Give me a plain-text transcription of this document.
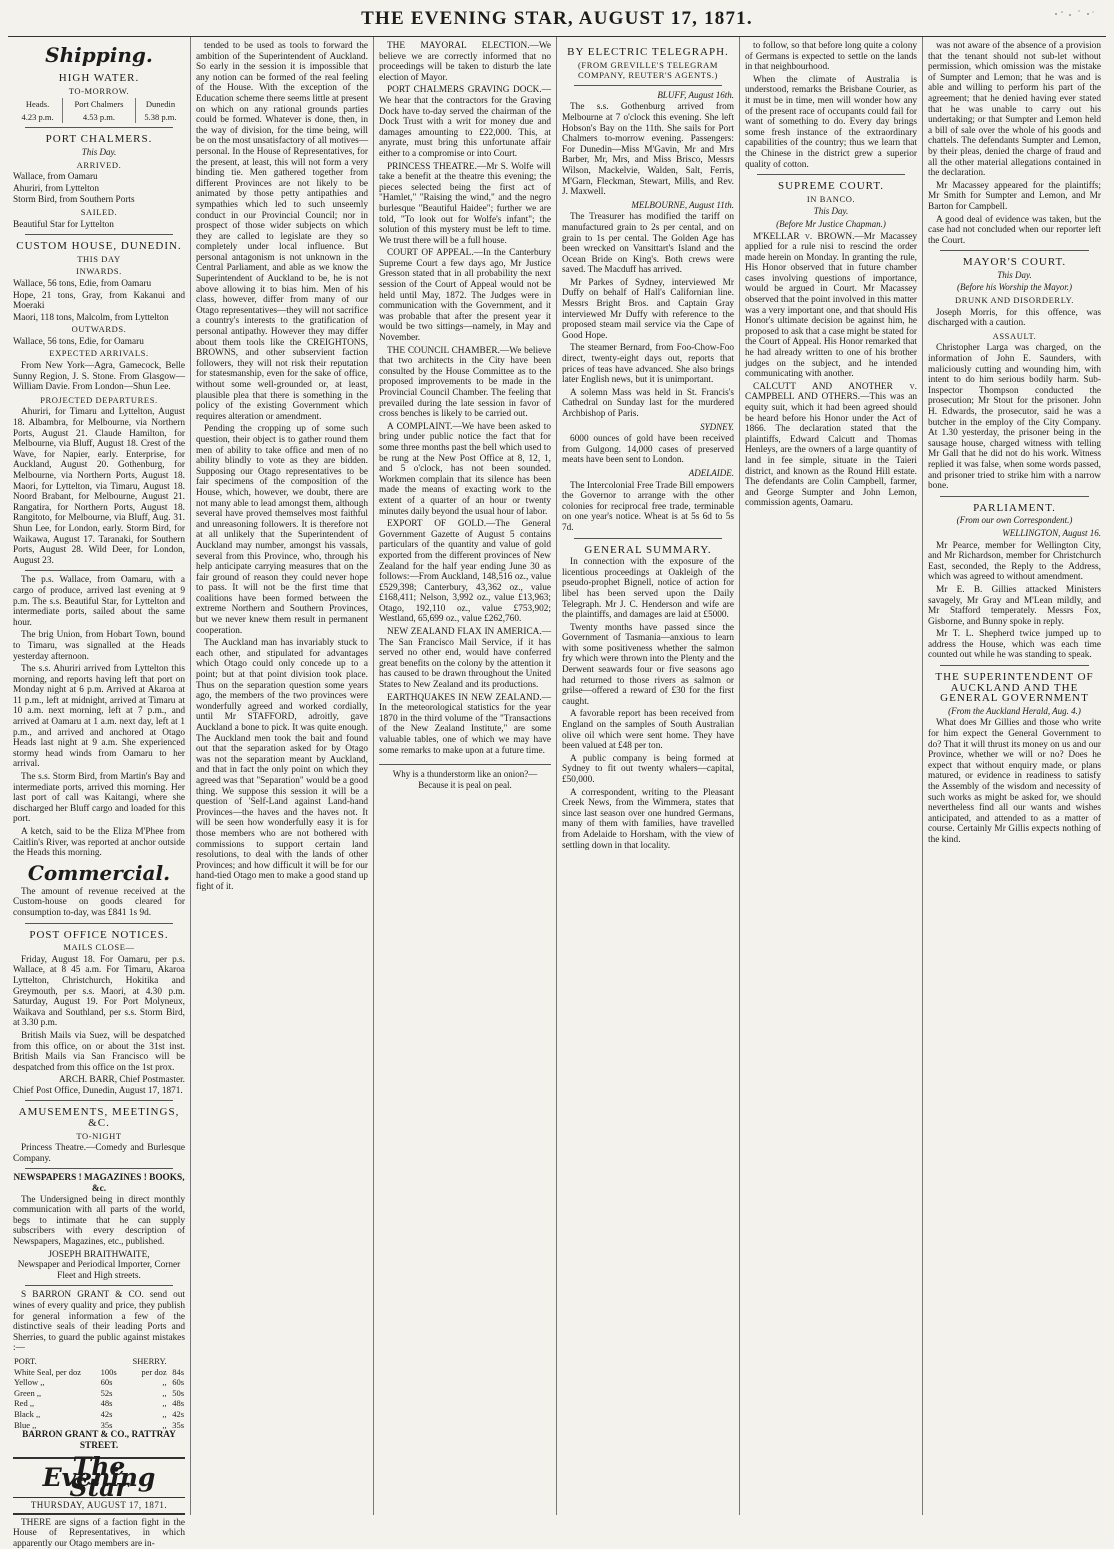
THE EVENING STAR, AUGUST 17, 1871.
Shipping.
HIGH WATER.
TO-MORROW.
Heads.	Port Chalmers	Dunedin
4.23 p.m.	4.53 p.m.	5.38 p.m.
PORT CHALMERS.
This Day.
ARRIVED.
Wallace, from Oamaru
Ahuriri, from Lyttelton
Storm Bird, from Southern Ports
SAILED.
Beautiful Star for Lyttelton
CUSTOM HOUSE, DUNEDIN.
THIS DAY
INWARDS.
Wallace, 56 tons, Edie, from Oamaru
Hope, 21 tons, Gray, from Kakanui and Moeraki
Maori, 118 tons, Malcolm, from Lyttelton
OUTWARDS.
Wallace, 56 tons, Edie, for Oamaru
EXPECTED ARRIVALS.

From New York—Agra, Gamecock, Belle Sunny Region, J. S. Stone. From Glasgow—William Davie. From London—Shun Lee.

PROJECTED DEPARTURES.

Ahuriri, for Timaru and Lyttelton, August 18. Albambra, for Melbourne, via Northern Ports, August 21. Claude Hamilton, for Melbourne, via Bluff, August 18. Crest of the Wave, for Napier, early. Enterprise, for Auckland, August 20. Gothenburg, for Melbourne, via Northern Ports, August 18. Maori, for Lyttelton, via Timaru, August 18. Noord Brabant, for Melbourne, August 21. Rangatira, for Northern Ports, August 18. Rangitoto, for Melbourne, via Bluff, Aug. 31. Shun Lee, for London, early. Storm Bird, for Waikawa, August 17. Taranaki, for Southern Ports, August 28. Wild Deer, for London, August 23.

The p.s. Wallace, from Oamaru, with a cargo of produce, arrived last evening at 9 p.m. The s.s. Beautiful Star, for Lyttelton and intermediate ports, sailed about the same hour.

The brig Union, from Hobart Town, bound to Timaru, was signalled at the Heads yesterday afternoon.

The s.s. Ahuriri arrived from Lyttelton this morning, and reports having left that port on Monday night at 6 p.m. Arrived at Akaroa at 11 p.m., left at midnight, arrived at Timaru at 10 a.m. next morning, left at 7 p.m., and arrived at Oamaru at 1 a.m. next day, left at 1 p.m., and arrived and anchored at Otago Heads last night at 9 a.m. She experienced stormy head winds from Oamaru to her arrival.

The s.s. Storm Bird, from Martin's Bay and intermediate ports, arrived this morning. Her last port of call was Kaitangi, where she discharged her Bluff cargo and loaded for this port.

A ketch, said to be the Eliza M'Phee from Caitlin's River, was reported at anchor outside the Heads this morning.

Commercial.

The amount of revenue received at the Custom-house on goods cleared for consumption to-day, was £841 1s 9d.

POST OFFICE NOTICES.
MAILS CLOSE—

Friday, August 18. For Oamaru, per p.s. Wallace, at 8 45 a.m. For Timaru, Akaroa Lyttelton, Christchurch, Hokitika and Greymouth, per s.s. Maori, at 4.30 p.m. Saturday, August 19. For Port Molyneux, Waikava and Southland, per s.s. Storm Bird, at 3.30 p.m.

British Mails via Suez, will be despatched from this office, on or about the 31st inst. British Mails via San Francisco will be despatched from this office on the 1st prox.

ARCH. BARR, Chief Postmaster.
Chief Post Office, Dunedin, August 17, 1871.
AMUSEMENTS, MEETINGS, &C.
TO-NIGHT

Princess Theatre.—Comedy and Burlesque Company.

NEWSPAPERS ! MAGAZINES ! BOOKS, &c.

The Undersigned being in direct monthly communication with all parts of the world, begs to intimate that he can supply subscribers with every description of Newspapers, Magazines, etc., published.

JOSEPH BRAITHWAITE,
Newspaper and Periodical Importer, Corner Fleet and High streets.

S BARRON GRANT & CO. send out wines of every quality and price, they publish for general information a few of the distinctive seals of their leading Ports and Sherries, to guard the public against mistakes :—

PORT.		SHERRY.	
White Seal, per doz	100s	per doz	84s
Yellow ,,	60s	,,	60s
Green ,,	52s	,,	50s
Red ,,	48s	,,	48s
Black ,,	42s	,,	42s
Blue ,,	35s	,,	35s
BARRON GRANT & CO., RATTRAY STREET.
The Evening Star
THURSDAY, AUGUST 17, 1871.

THERE are signs of a faction fight in the House of Representatives, in which apparently our Otago members are in-

tended to be used as tools to forward the ambition of the Superintendent of Auckland. So early in the session it is impossible that any notion can be formed of the real feeling of the House. With the exception of the Education scheme there seems little at present on which on any rational grounds parties could be formed. Whatever is done, then, in the way of division, for the time being, will be on the most unsatisfactory of all motives—personal. In the House of Representatives, for the present, at least, this will not form a very binding tie. Men gathered together from different Provinces are not likely to be animated by those petty antipathies and sympathies which led to such unseemly conduct in our Provincial Council; nor in prospect of those wider subjects on which they are called to legislate are they so completely under local influence. But personal antagonism is not unknown in the Central Parliament, and able as we know the Superintendent of Auckland to be, he is not above allowing it to bias him. Men of his class, however, differ from many of our Otago representatives—they will not sacrifice a country's interests to the gratification of personal antipathy. However they may differ about them tools like the CREIGHTONS, BROWNS, and other subservient faction followers, they will not risk their reputation for statesmanship, even for the sake of office, without some well-grounded or, at least, plausible plea that there is something in the policy of the existing Government which requires alteration or amendment.

Pending the cropping up of some such question, their object is to gather round them men of ability to take office and men of no ability blindly to vote as they are bidden. Supposing our Otago representatives to be fair specimens of the composition of the House, which, however, we doubt, there are not many able to lead amongst them, although several have proved themselves most faithful and unreasoning followers. It is therefore not at all unlikely that the Superintendent of Auckland may number, amongst his vassals, several from this Province, who, through his help anticipate carrying measures that on the fair ground of reason they could never hope to pass. It will not be the first time that coalitions have been formed between the extreme Northern and Southern Provinces, but we never knew them result in permanent cooperation.

The Auckland man has invariably stuck to each other, and stipulated for advantages which Otago could only concede up to a point; but at that point division took place. Thus on the separation question some years ago, the members of the two provinces were wonderfully agreed and worked cordially, until Mr STAFFORD, adroitly, gave Auckland a bone to pick. It was quite enough. The Auckland men took the bait and found out that the separation asked for by Otago was not the separation meant by Auckland, and that in fact the only point on which they agreed was that "Separation" would be a good thing. We suppose this session it will be a question of 'Self-Land against Land-hand Provinces—the haves and the haves not. It will be seen how wonderfully easy it is for those members who are not bothered with commissions to support certain land resolutions, to deal with the lands of other Provinces; and how difficult it will be for our hand-tied Otago men to make a good stand up fight of it.

THE MAYORAL ELECTION.—We believe we are correctly informed that no proceedings will be taken to disturb the late election of Mayor.

PORT CHALMERS GRAVING DOCK.—We hear that the contractors for the Graving Dock have to-day served the chairman of the Dock Trust with a writ for money due and damages amounting to £22,000. This, at anyrate, must bring this unfortunate affair either to a compromise or into Court.

PRINCESS THEATRE.—Mr S. Wolfe will take a benefit at the theatre this evening; the pieces selected being the first act of "Hamlet," "Raising the wind," and the negro burlesque "Beautiful Haidee"; further we are told, "To look out for Wolfe's infant"; the solution of this mystery must be left to time. We trust there will be a full house.

COURT OF APPEAL.—In the Canterbury Supreme Court a few days ago, Mr Justice Gresson stated that in all probability the next session of the Court of Appeal would not be held until May, 1872. The Judges were in communication with the Government, and it was probable that after the present year it would be two sittings—namely, in May and November.

THE COUNCIL CHAMBER.—We believe that two architects in the City have been consulted by the House Committee as to the proposed improvements to be made in the Provincial Council Chamber. The feeling that prevailed during the late session in favor of cross benches is likely to be carried out.

A COMPLAINT.—We have been asked to bring under public notice the fact that for some three months past the bell which used to be rung at the New Post Office at 8, 12, 1, and 5 o'clock, has not been sounded. Workmen complain that its silence has been made the means of exacting work to the extent of a quarter of an hour or twenty minutes daily beyond the usual hour of labor.

EXPORT OF GOLD.—The General Government Gazette of August 5 contains particulars of the quantity and value of gold exported from the different provinces of New Zealand for the half year ending June 30 as follows:—From Auckland, 148,516 oz., value £529,398; Canterbury, 43,362 oz., value £168,411; Nelson, 3,992 oz., value £13,963; Otago, 192,110 oz., value £753,902; Westland, 65,699 oz., value £262,760.

NEW ZEALAND FLAX IN AMERICA.—The San Francisco Mail Service, if it has served no other end, would have conferred great benefits on the colony by the attention it has caused to be drawn throughout the United States to New Zealand and its productions.

EARTHQUAKES IN NEW ZEALAND.—In the meteorological statistics for the year 1870 in the third volume of the "Transactions of the New Zealand Institute," are some valuable tables, one of which we may have some remarks to make upon at a future time.

Why is a thunderstorm like an onion?—Because it is peal on peal.
BY ELECTRIC TELEGRAPH.
(FROM GREVILLE'S TELEGRAM COMPANY, REUTER'S AGENTS.)
BLUFF, August 16th.

The s.s. Gothenburg arrived from Melbourne at 7 o'clock this evening. She left Hobson's Bay on the 11th. She sails for Port Chalmers to-morrow evening. Passengers: For Dunedin—Miss M'Gavin, Mr and Mrs Barber, Mr, Mrs, and Miss Brisco, Messrs Wilson, Mackelvie, Walden, Salt, Ferris, M'Garn, Fleckman, Stewart, Mills, and Rev. J. Maxwell.

MELBOURNE, August 11th.

The Treasurer has modified the tariff on manufactured grain to 2s per cental, and on grain to 1s per cental. The Golden Age has been wrecked on Vansittart's Island and the Ocean Bride on King's. Both crews were saved. The Macduff has arrived.

Mr Parkes of Sydney, interviewed Mr Duffy on behalf of Hall's Californian line. Messrs Bright Bros. and Captain Gray interviewed Mr Duffy with reference to the proposed steam mail service via the Cape of Good Hope.

The steamer Bernard, from Foo-Chow-Foo direct, twenty-eight days out, reports that prices of teas have advanced. She also brings later English news, but it is unimportant.

A solemn Mass was held in St. Francis's Cathedral on Sunday last for the murdered Archbishop of Paris.

SYDNEY.

6000 ounces of gold have been received from Gulgong. 14,000 cases of preserved meats have been sent to London.

ADELAIDE.

The Intercolonial Free Trade Bill empowers the Governor to arrange with the other colonies for reciprocal free trade, terminable on one year's notice. Wheat is at 5s 6d to 5s 7d.

GENERAL SUMMARY.

In connection with the exposure of the licentious proceedings at Oakleigh of the pseudo-prophet Bignell, notice of action for libel has been served upon the Daily Telegraph. Mr J. C. Henderson and wife are the plaintiffs, and damages are laid at £5000.

Twenty months have passed since the Government of Tasmania—anxious to learn with some positiveness whether the salmon fry which were thrown into the Plenty and the Derwent seawards four or five seasons ago had returned to those rivers as salmon or grilse—offered a reward of £30 for the first caught.

A favorable report has been received from England on the samples of South Australian olive oil which were sent home. They have been valued at £48 per ton.

A public company is being formed at Sydney to fit out twenty whalers—capital, £50,000.

A correspondent, writing to the Pleasant Creek News, from the Wimmera, states that since last season over one hundred Germans, many of them with families, have travelled from Adelaide to Horsham, with the view of settling down in that locality.

to follow, so that before long quite a colony of Germans is expected to settle on the lands in that neighbourhood.

When the climate of Australia is understood, remarks the Brisbane Courier, as it must be in time, men will wonder how any of the present race of occupants could fail for want of something to do. Every day brings some fresh instance of the extraordinary capabilities of the country; thus we learn that the Chinese in the district grew a superior quality of cotton.

SUPREME COURT.
IN BANCO.
This Day.
(Before Mr Justice Chapman.)

M'KELLAR v. BROWN.—Mr Macassey applied for a rule nisi to rescind the order made herein on Monday. In granting the rule, His Honor observed that in future chamber cases involving questions of importance, would be argued in Court. Mr Macassey observed that the point involved in this matter was a very important one, and that should His Honor's ultimate decision be against him, he proposed to ask that a case might be stated for the Court of Appeal. His Honor remarked that he had already written to one of his brother judges on the subject, and he intended communicating with another.

CALCUTT AND ANOTHER v. CAMPBELL AND OTHERS.—This was an equity suit, which it had been agreed should be heard before his Honor under the Act of 1866. The declaration stated that the plaintiffs, Edward Calcutt and Thomas Henleys, are the owners of a large quantity of land in fee simple, situate in the Taieri district, and known as the Round Hill estate. The defendants are Colin Campbell, farmer, and George Sumpter and John Lemon, commission agents, Oamaru.

was not aware of the absence of a provision that the tenant should not sub-let without permission, which omission was the mistake of Sumpter and Lemon; that he was and is able and willing to perform his part of the agreement; that he denied having ever stated that he was unable to carry out his undertaking; or that Sumpter and Lemon held a bill of sale over the whole of his goods and chattels. The defendants Sumpter and Lemon, by their pleas, denied the charge of fraud and all the other material allegations contained in the declaration.

Mr Macassey appeared for the plaintiffs; Mr Smith for Sumpter and Lemon, and Mr Barton for Campbell.

A good deal of evidence was taken, but the case had not concluded when our reporter left the Court.

MAYOR'S COURT.
This Day.
(Before his Worship the Mayor.)
DRUNK AND DISORDERLY.

Joseph Morris, for this offence, was discharged with a caution.

ASSAULT.

Christopher Larga was charged, on the information of John E. Saunders, with maliciously cutting and wounding him, with intent to do him serious bodily harm. Sub-Inspector Thompson conducted the prosecution; Mr Stout for the prisoner. John H. Edwards, the prosecutor, said he was a butcher in the employ of the City Company. At 1.30 yesterday, the prisoner being in the sausage house, charged witness with telling Mr Gall that he did not do his work. Witness replied it was false, when some words passed, and prisoner tried to strike him with a narrow bone.

PARLIAMENT.
(From our own Correspondent.)
WELLINGTON, August 16.

Mr Pearce, member for Wellington City, and Mr Richardson, member for Christchurch East, seconded, the Reply to the Address, which was agreed to without amendment.

Mr E. B. Gillies attacked Ministers savagely, Mr Gray and M'Lean mildly, and Mr Stafford temperately. Messrs Fox, Gisborne, and Bunny spoke in reply.

Mr T. L. Shepherd twice jumped up to address the House, which was each time counted out while he was standing to speak.

THE SUPERINTENDENT OF AUCKLAND AND THE GENERAL GOVERNMENT
(From the Auckland Herald, Aug. 4.)

What does Mr Gillies and those who write for him expect the General Government to do? That it will thrust its money on us and our Province, whether we will or no? Does he expect that without enquiry made, or plans matured, or evidence in readiness to satisfy the Assembly of the wisdom and necessity of such works as might be asked for, we should nevertheless find all our wants and wishes anticipated, and attended to as a matter of course. Certainly Mr Gillis expects nothing of the kind.
